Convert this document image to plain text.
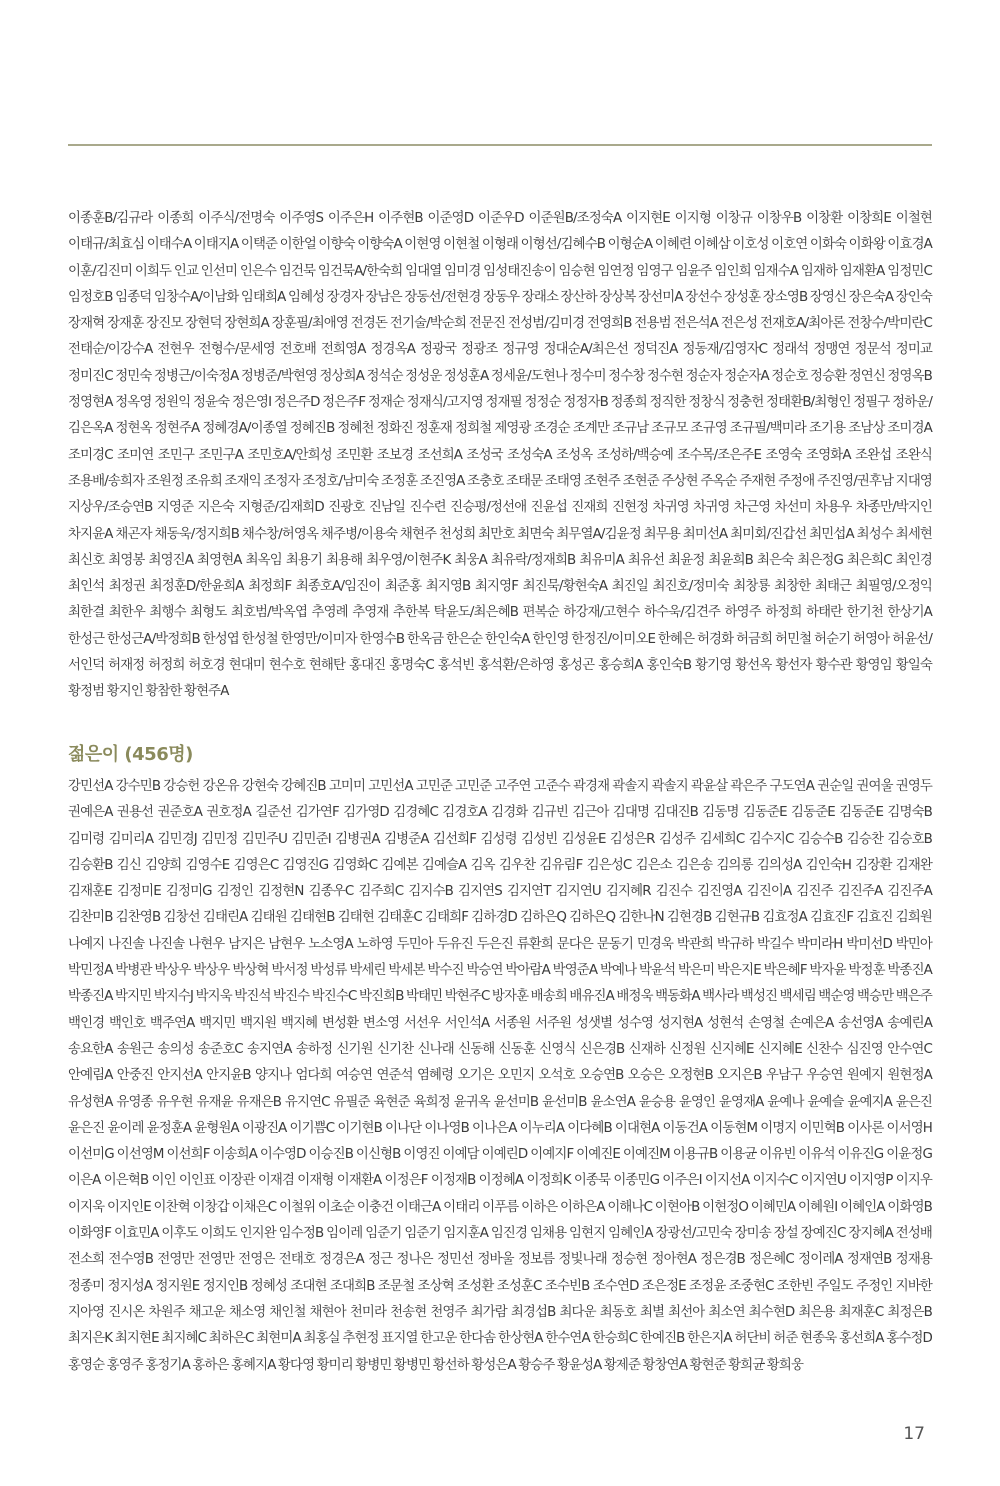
이종훈B/김규라 이종희 이주식/전명숙 이주영S 이주은H 이주현B 이준영D 이준우D 이준원B/조정숙A 이지현E 이지형 이창규 이창우B 이창환 이창희E 이철현 이태규/최효심 이태수A 이태지A 이택준 이한얼 이향숙 이향숙A 이현영 이현철 이형래 이형선/김혜수B 이형순A 이혜련 이혜삼 이호성 이호연 이화숙 이화왕 이효경A 이훈/김진미 이희두 인교 인선미 인은수 임건묵 임건묵A/한숙희 임대열 임미경 임성태진송이 임승현 임연정 임영구 임윤주 임인희 임재수A 임재하 임재환A 임정민C 임정호B 임종덕 임창수A/이남화 임태희A 임혜성 장경자 장남은 장동선/전현경 장동우 장래소 장산하 장상복 장선미A 장선수 장성훈 장소영B 장영신 장은숙A 장인숙 장재혁 장재훈 장진모 장현덕 장현희A 장훈필/최애영 전경돈 전기술/박순희 전문진 전성범/김미경 전영희B 전용범 전은석A 전은성 전재호A/최아론 전창수/박미란C 전태순/이강수A 전현우 전형수/문세영 전호배 전희영A 정경옥A 정광국 정광조 정규영 정대순A/최은선 정덕진A 정동재/김영자C 정래석 정맹연 정문석 정미교 정미진C 정민숙 정병근/이숙정A 정병준/박현영 정상희A 정석순 정성운 정성훈A 정세윤/도현나 정수미 정수창 정수현 정순자 정순자A 정순호 정승환 정연신 정영옥B 정영현A 정옥영 정원익 정윤숙 정은영I 정은주D 정은주F 정재순 정재식/고지영 정재필 정정순 정정자B 정종희 정직한 정창식 정충헌 정태환B/최형인 정필구 정하운/김은옥A 정현옥 정현주A 정혜경A/이종열 정혜진B 정혜천 정화진 정훈재 정희철 제영광 조경순 조계만 조규남 조규모 조규영 조규필/백미라 조기용 조남상 조미경A 조미경C 조미연 조민구 조민구A 조민호A/안희성 조민환 조보경 조선희A 조성국 조성숙A 조성옥 조성하/백승예 조수목/조은주E 조영숙 조영화A 조완섭 조완식 조용배/송희자 조원정 조유희 조재익 조정자 조정호/남미숙 조정훈 조진영A 조충호 조태문 조태영 조현주 조현준 주상현 주옥순 주재현 주정애 주진영/권후남 지대영 지상우/조승연B 지영준 지은숙 지형준/김재희D 진광호 진남일 진수련 진승평/정선애 진윤섭 진재희 진현정 차귀영 차귀영 차근영 차선미 차용우 차종만/박지인 차지윤A 채곤자 채동욱/정지희B 채수창/허영옥 채주병/이용숙 채현주 천성희 최만호 최면숙 최무열A/김윤정 최무용 최미선A 최미회/진갑선 최민섭A 최성수 최세현 최신호 최영봉 최영진A 최영현A 최옥임 최용기 최용해 최우영/이현주K 최웅A 최유락/정재희B 최유미A 최유선 최윤정 최윤희B 최은숙 최은정G 최은희C 최인경 최인석 최정권 최정훈D/한윤희A 최정희F 최종호A/임진이 최준홍 최지영B 최지영F 최진묵/황현숙A 최진일 최진호/정미숙 최창룡 최창한 최태근 최필영/오정익 최한결 최한우 최행수 최형도 최호범/박옥엽 추영례 추영재 추한복 탁윤도/최은혜B 편복순 하강재/고현수 하수욱/김견주 하영주 하정희 하태란 한기천 한상기A 한성근 한성근A/박정희B 한성엽 한성철 한영만/이미자 한영수B 한옥금 한은순 한인숙A 한인영 한정진/이미오E 한혜은 허경화 허금희 허민철 허순기 허영아 허윤선/서인덕 허재정 허정희 허호경 현대미 현수호 현해탄 홍대진 홍명숙C 홍석빈 홍석환/은하영 홍성곤 홍승희A 홍인숙B 황기영 황선옥 황선자 황수관 황영임 황일숙 황정범 황지인 황참한 황현주A

젊은이 (456명)

강민선A 강수민B 강승헌 강온유 강현숙 강혜진B 고미미 고민선A 고민준 고민준 고주연 고준수 곽경재 곽솔지 곽솔지 곽윤살 곽은주 구도연A 권순일 권여울 권영두 권예은A 권용선 권준호A 권호정A 길준선 김가연F 김가영D 김경혜C 김경호A 김경화 김규빈 김근아 김대명 김대진B 김동명 김동준E 김동준E 김동준E 김명숙B 김미령 김미리A 김민경J 김민정 김민주U 김민준I 김병권A 김병준A 김선희F 김성령 김성빈 김성윤E 김성은R 김성주 김세희C 김수지C 김승수B 김승찬 김승호B 김승환B 김신 김양희 김영수E 김영은C 김영진G 김영화C 김예본 김예슬A 김옥 김우찬 김유림F 김은성C 김은소 김은송 김의롱 김의성A 김인숙H 김장환 김재완 김재훈E 김정미E 김정미G 김정인 김정현N 김종우C 김주희C 김지수B 김지연S 김지연T 김지연U 김지혜R 김진수 김진영A 김진이A 김진주 김진주A 김진주A 김찬미B 김찬영B 김창선 김태린A 김태원 김태현B 김태현 김태훈C 김태희F 김하경D 김하은Q 김하은Q 김한나N 김현경B 김현규B 김효정A 김효진F 김효진 김희원 나예지 나진솔 나진솔 나현우 남지은 남현우 노소영A 노하영 두민아 두유진 두은진 류환희 문다은 문동기 민경욱 박관희 박규하 박길수 박미라H 박미선D 박민아 박민정A 박병관 박상우 박상우 박상혁 박서정 박성류 박세린 박세본 박수진 박승연 박아람A 박영준A 박예나 박윤석 박은미 박은지E 박은혜F 박자윤 박정훈 박종진A 박종진A 박지민 박지수J 박지욱 박진석 박진수 박진수C 박진희B 박태민 박현주C 방자훈 배송희 배유진A 배정욱 백동화A 백사라 백성진 백세림 백순영 백승만 백은주 백인경 백인호 백주연A 백지민 백지원 백지혜 변성환 변소영 서선우 서인석A 서종원 서주원 성샛별 성수영 성지현A 성현석 손영철 손예은A 송선영A 송예린A 송요한A 송원근 송의성 송준호C 송지연A 송하정 신기원 신기찬 신나래 신동해 신동훈 신영식 신은경B 신재하 신정원 신지혜E 신지혜E 신찬수 심진영 안수연C 안예림A 안중진 안지선A 안지윤B 양지나 엄다희 여승연 연준석 염혜령 오기은 오민지 오석호 오승연B 오승은 오정현B 오지은B 우남구 우승연 원예지 원현정A 유성현A 유영종 유우현 유재윤 유재은B 유지연C 유필준 육현준 육희정 윤귀옥 윤선미B 윤선미B 윤소연A 윤승용 윤영인 윤영재A 윤예나 윤예슬 윤예지A 윤은진 윤은진 윤이레 윤정훈A 윤형원A 이광진A 이기쁨C 이기현B 이나단 이나영B 이나은A 이누리A 이다혜B 이대현A 이동건A 이동현M 이명지 이민혁B 이사론 이서영H 이선미G 이선영M 이선희F 이송희A 이수영D 이승진B 이신형B 이영진 이예담 이예린D 이예지F 이예진E 이예진M 이용규B 이용균 이유빈 이유석 이유진G 이윤정G 이은A 이은혁B 이인 이인표 이장관 이재겸 이재형 이재환A 이정은F 이정재B 이정혜A 이정희K 이종묵 이종민G 이주은I 이지선A 이지수C 이지연U 이지영P 이지우 이지욱 이지인E 이찬혁 이창갑 이채은C 이철위 이초순 이충건 이태근A 이태리 이푸름 이하은 이하은A 이해나C 이현아B 이현정O 이혜민A 이혜원I 이혜인A 이화영B 이화영F 이효민A 이후도 이희도 인지완 임수정B 임이레 임준기 임준기 임지훈A 임진경 임채용 임현지 임혜인A 장광선/고민숙 장미송 장설 장예진C 장지혜A 전성배 전소희 전수영B 전영만 전영만 전영은 전태호 정경은A 정근 정나은 정민선 정바울 정보름 정빛나래 정승현 정아현A 정은경B 정은혜C 정이레A 정재연B 정재용 정종미 정지성A 정지원E 정지인B 정혜성 조대현 조대희B 조문철 조상혁 조성환 조성훈C 조수빈B 조수연D 조은정E 조정윤 조중현C 조한빈 주일도 주정인 지바한 지아영 진시온 차원주 채고운 채소영 채인철 채현아 천미라 천송현 천영주 최가람 최경섭B 최다운 최동호 최별 최선아 최소연 최수현D 최은용 최재훈C 최정은B 최지은K 최지현E 최지혜C 최하은C 최현미A 최홍실 추현정 표지열 한고운 한다솜 한상현A 한수연A 한승희C 한예진B 한은지A 허단비 허준 현종욱 홍선희A 홍수정D 홍영순 홍영주 홍정기A 홍하은 홍혜지A 황다영 황미리 황병민 황병민 황선하 황성은A 황승주 황윤성A 황제준 황창연A 황현준 황희균 황희웅

17
